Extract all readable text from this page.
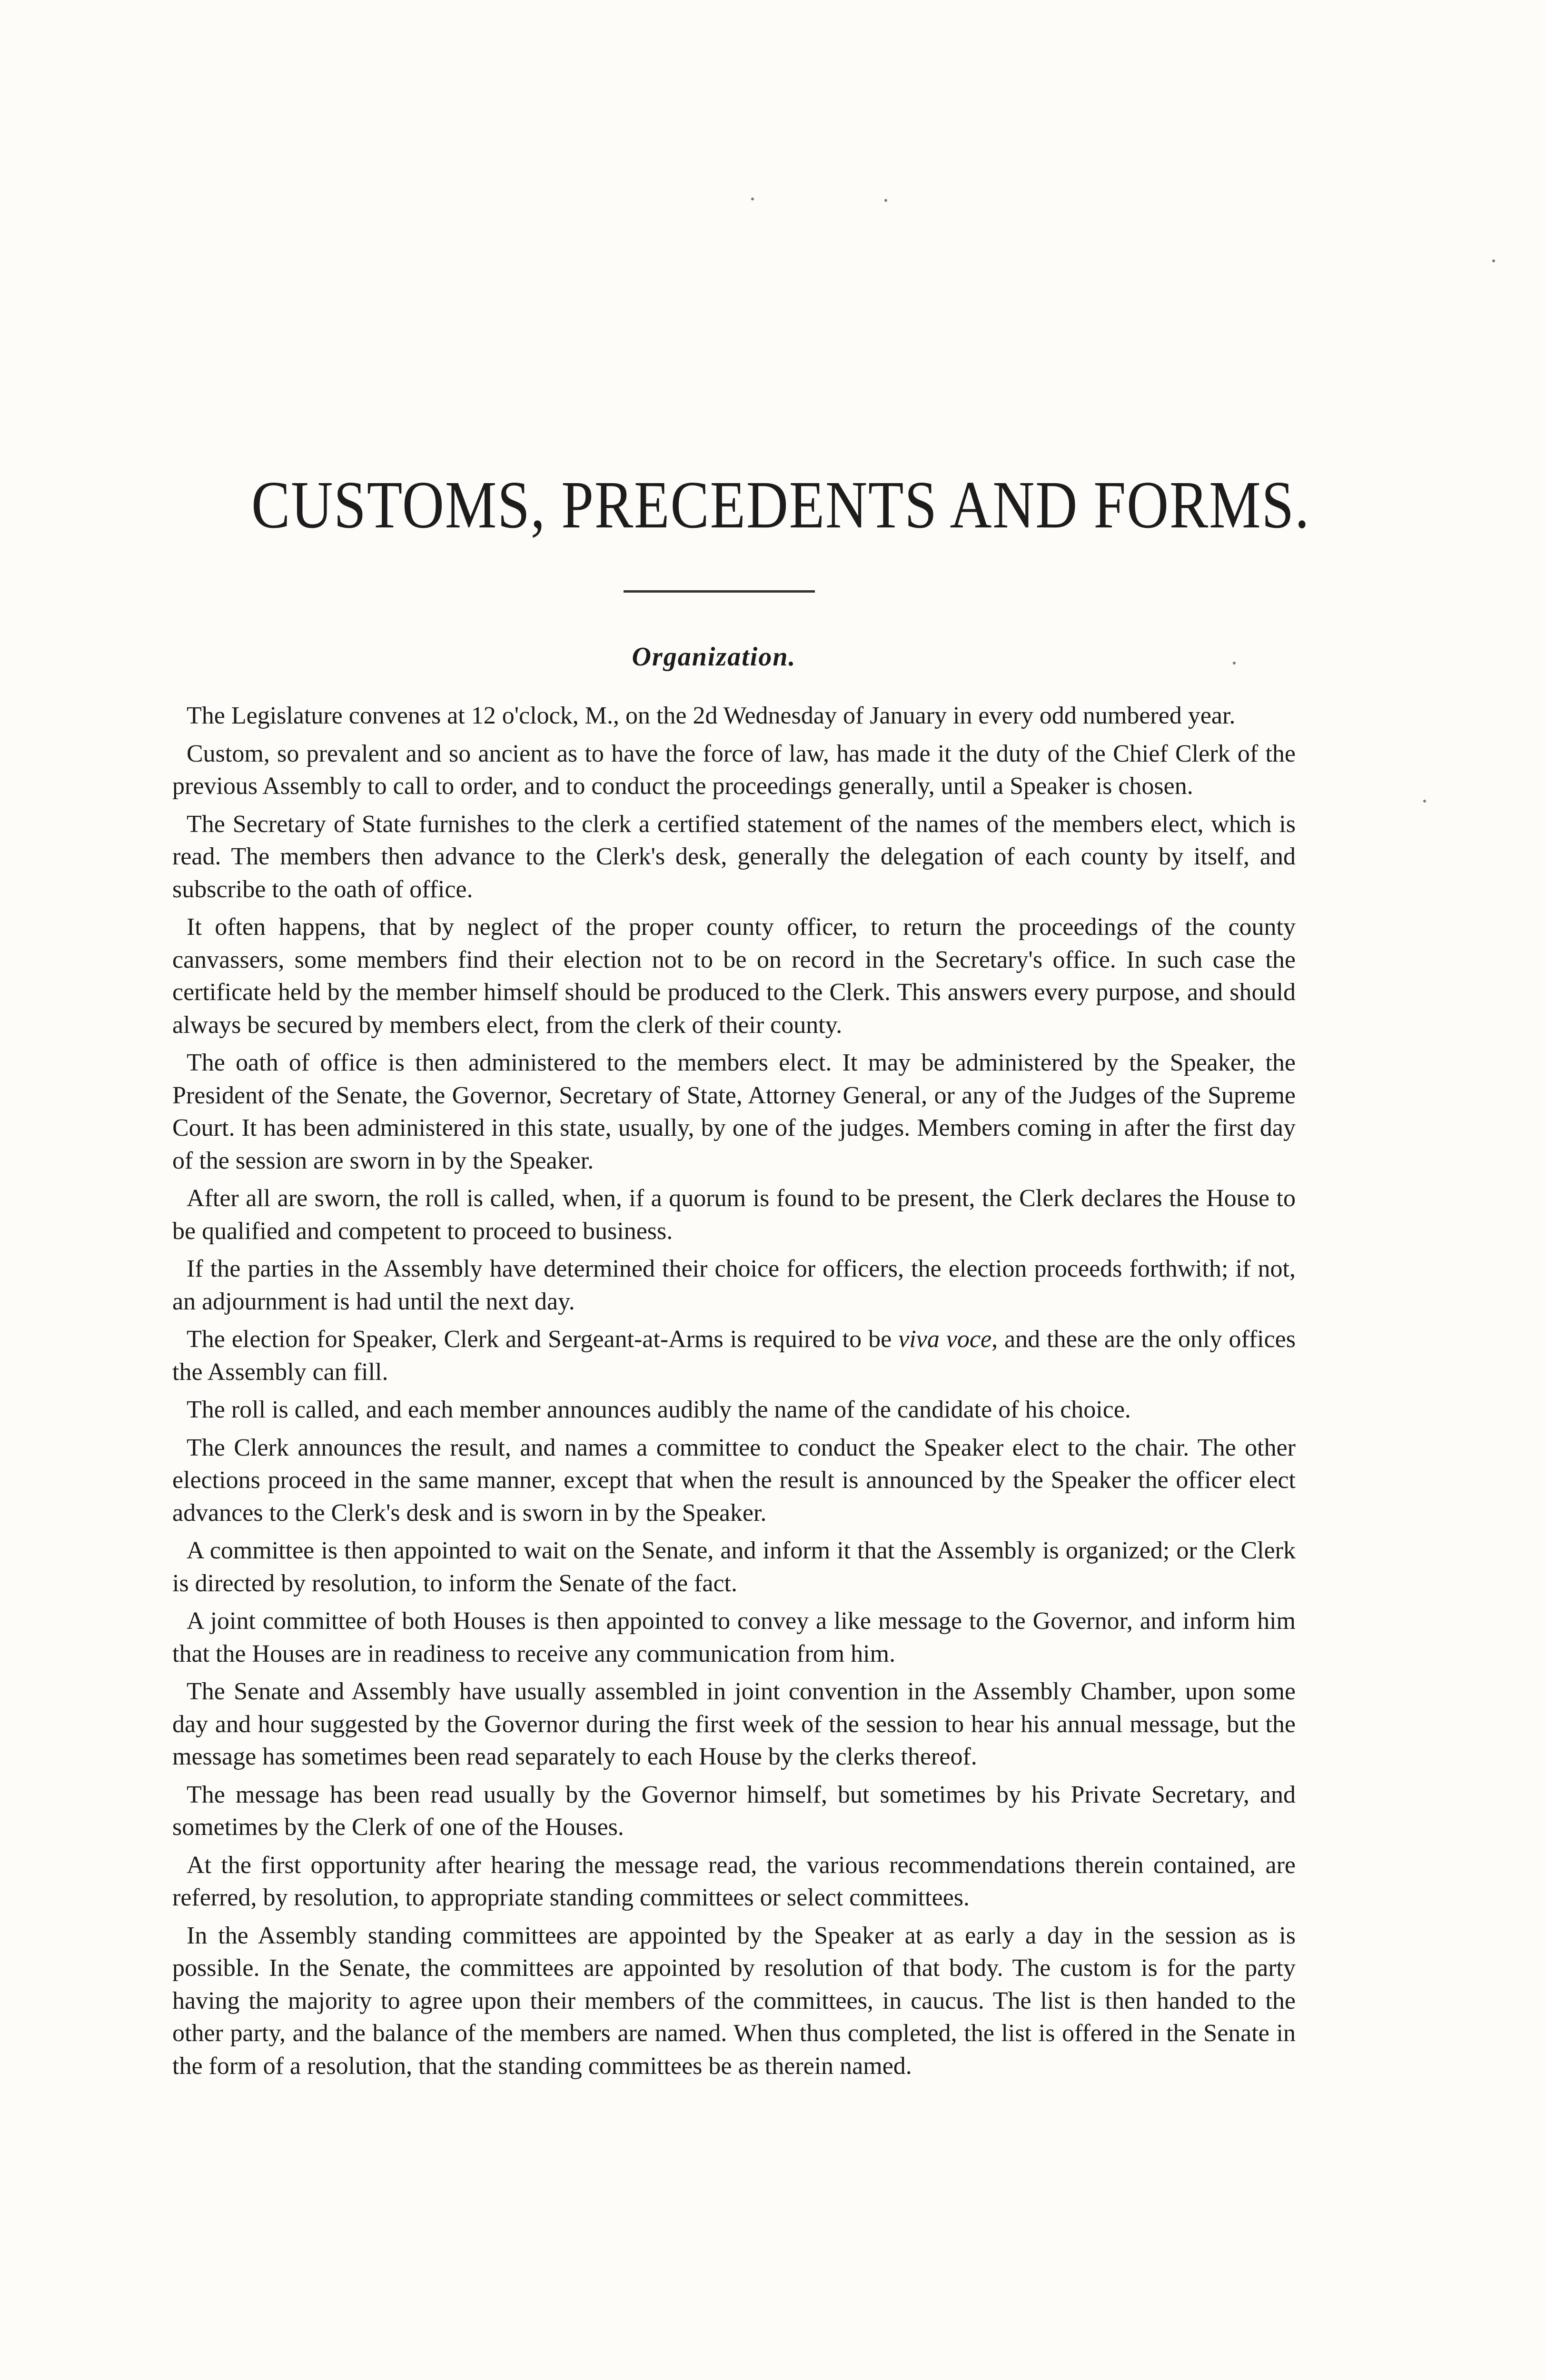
CUSTOMS, PRECEDENTS AND FORMS.
Organization.

The Legislature convenes at 12 o'clock, M., on the 2d Wednesday of January in every odd numbered year.

Custom, so prevalent and so ancient as to have the force of law, has made it the duty of the Chief Clerk of the previous Assembly to call to order, and to conduct the proceedings generally, until a Speaker is chosen.

The Secretary of State furnishes to the clerk a certified statement of the names of the members elect, which is read. The members then advance to the Clerk's desk, generally the delegation of each county by itself, and subscribe to the oath of office.

It often happens, that by neglect of the proper county officer, to return the proceedings of the county canvassers, some members find their election not to be on record in the Secretary's office. In such case the certificate held by the member himself should be produced to the Clerk. This answers every purpose, and should always be secured by members elect, from the clerk of their county.

The oath of office is then administered to the members elect. It may be administered by the Speaker, the President of the Senate, the Governor, Secretary of State, Attorney General, or any of the Judges of the Supreme Court. It has been administered in this state, usually, by one of the judges. Members coming in after the first day of the session are sworn in by the Speaker.

After all are sworn, the roll is called, when, if a quorum is found to be present, the Clerk declares the House to be qualified and competent to proceed to business.

If the parties in the Assembly have determined their choice for officers, the election proceeds forthwith; if not, an adjournment is had until the next day.

The election for Speaker, Clerk and Sergeant-at-Arms is required to be viva voce, and these are the only offices the Assembly can fill.

The roll is called, and each member announces audibly the name of the candidate of his choice.

The Clerk announces the result, and names a committee to conduct the Speaker elect to the chair. The other elections proceed in the same manner, except that when the result is announced by the Speaker the officer elect advances to the Clerk's desk and is sworn in by the Speaker.

A committee is then appointed to wait on the Senate, and inform it that the Assembly is organized; or the Clerk is directed by resolution, to inform the Senate of the fact.

A joint committee of both Houses is then appointed to convey a like message to the Governor, and inform him that the Houses are in readiness to receive any communication from him.

The Senate and Assembly have usually assembled in joint convention in the Assembly Chamber, upon some day and hour suggested by the Governor during the first week of the session to hear his annual message, but the message has sometimes been read separately to each House by the clerks thereof.

The message has been read usually by the Governor himself, but sometimes by his Private Secretary, and sometimes by the Clerk of one of the Houses.

At the first opportunity after hearing the message read, the various recommendations therein contained, are referred, by resolution, to appropriate standing committees or select committees.

In the Assembly standing committees are appointed by the Speaker at as early a day in the session as is possible. In the Senate, the committees are appointed by resolution of that body. The custom is for the party having the majority to agree upon their members of the committees, in caucus. The list is then handed to the other party, and the balance of the members are named. When thus completed, the list is offered in the Senate in the form of a resolution, that the standing committees be as therein named.
